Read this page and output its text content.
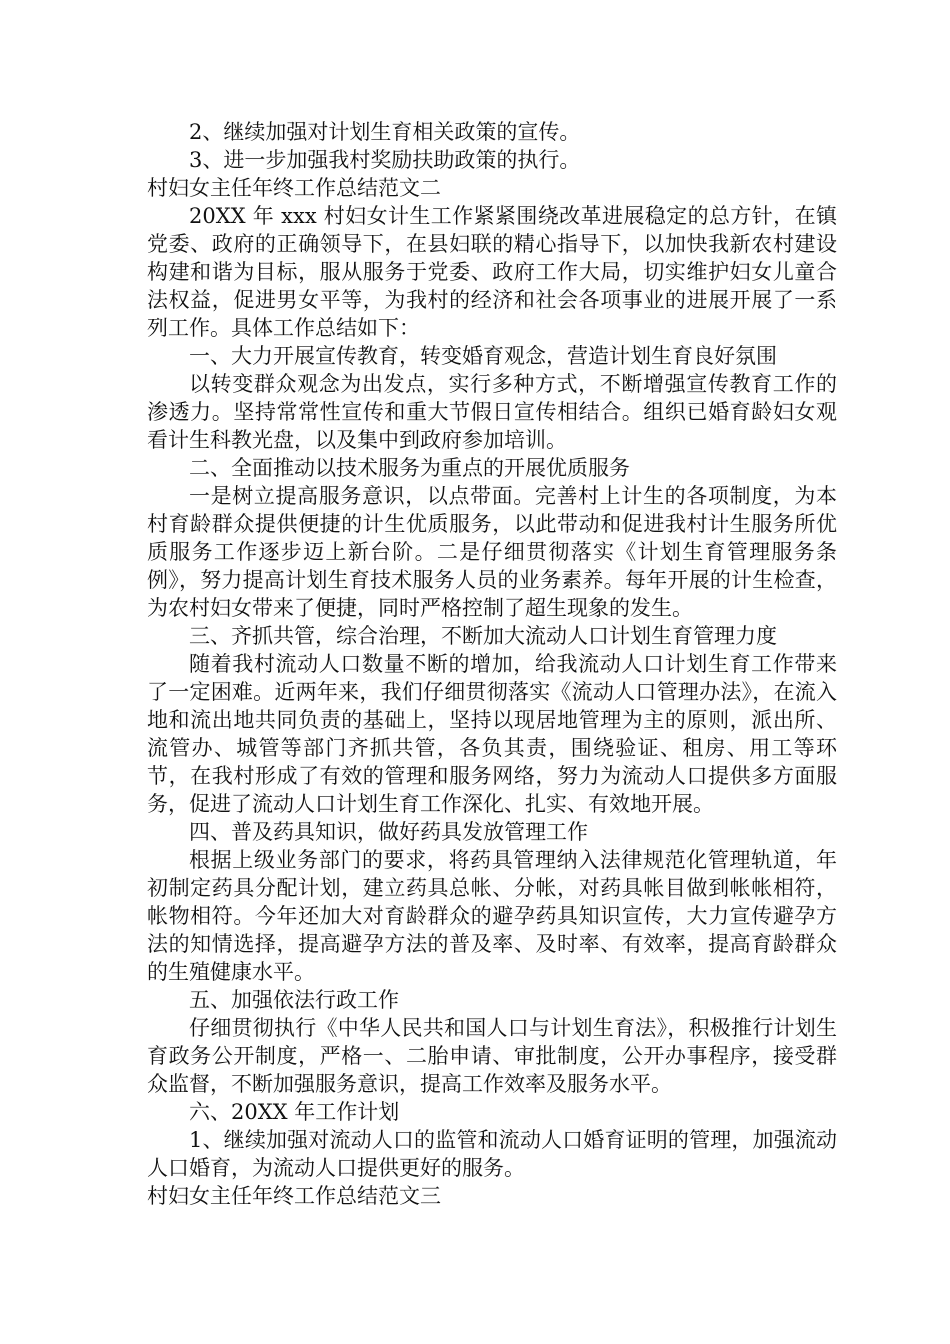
2、继续加强对计划生育相关政策的宣传。

3、进一步加强我村奖励扶助政策的执行。

村妇女主任年终工作总结范文二

20XX 年 xxx 村妇女计生工作紧紧围绕改革进展稳定的总方针，在镇党委、政府的正确领导下，在县妇联的精心指导下，以加快我新农村建设构建和谐为目标，服从服务于党委、政府工作大局，切实维护妇女儿童合法权益，促进男女平等，为我村的经济和社会各项事业的进展开展了一系列工作。具体工作总结如下：

一、大力开展宣传教育，转变婚育观念，营造计划生育良好氛围

以转变群众观念为出发点，实行多种方式，不断增强宣传教育工作的渗透力。坚持常常性宣传和重大节假日宣传相结合。组织已婚育龄妇女观看计生科教光盘，以及集中到政府参加培训。

二、全面推动以技术服务为重点的开展优质服务

一是树立提高服务意识，以点带面。完善村上计生的各项制度，为本村育龄群众提供便捷的计生优质服务，以此带动和促进我村计生服务所优质服务工作逐步迈上新台阶。二是仔细贯彻落实《计划生育管理服务条例》，努力提高计划生育技术服务人员的业务素养。每年开展的计生检查，为农村妇女带来了便捷，同时严格控制了超生现象的发生。

三、齐抓共管，综合治理，不断加大流动人口计划生育管理力度

随着我村流动人口数量不断的增加，给我流动人口计划生育工作带来了一定困难。近两年来，我们仔细贯彻落实《流动人口管理办法》，在流入地和流出地共同负责的基础上，坚持以现居地管理为主的原则，派出所、流管办、城管等部门齐抓共管，各负其责，围绕验证、租房、用工等环节，在我村形成了有效的管理和服务网络，努力为流动人口提供多方面服务，促进了流动人口计划生育工作深化、扎实、有效地开展。

四、普及药具知识，做好药具发放管理工作

根据上级业务部门的要求，将药具管理纳入法律规范化管理轨道，年初制定药具分配计划，建立药具总帐、分帐，对药具帐目做到帐帐相符，帐物相符。今年还加大对育龄群众的避孕药具知识宣传，大力宣传避孕方法的知情选择，提高避孕方法的普及率、及时率、有效率，提高育龄群众的生殖健康水平。

五、加强依法行政工作

仔细贯彻执行《中华人民共和国人口与计划生育法》，积极推行计划生育政务公开制度，严格一、二胎申请、审批制度，公开办事程序，接受群众监督，不断加强服务意识，提高工作效率及服务水平。

六、20XX 年工作计划

1、继续加强对流动人口的监管和流动人口婚育证明的管理，加强流动人口婚育，为流动人口提供更好的服务。

村妇女主任年终工作总结范文三
